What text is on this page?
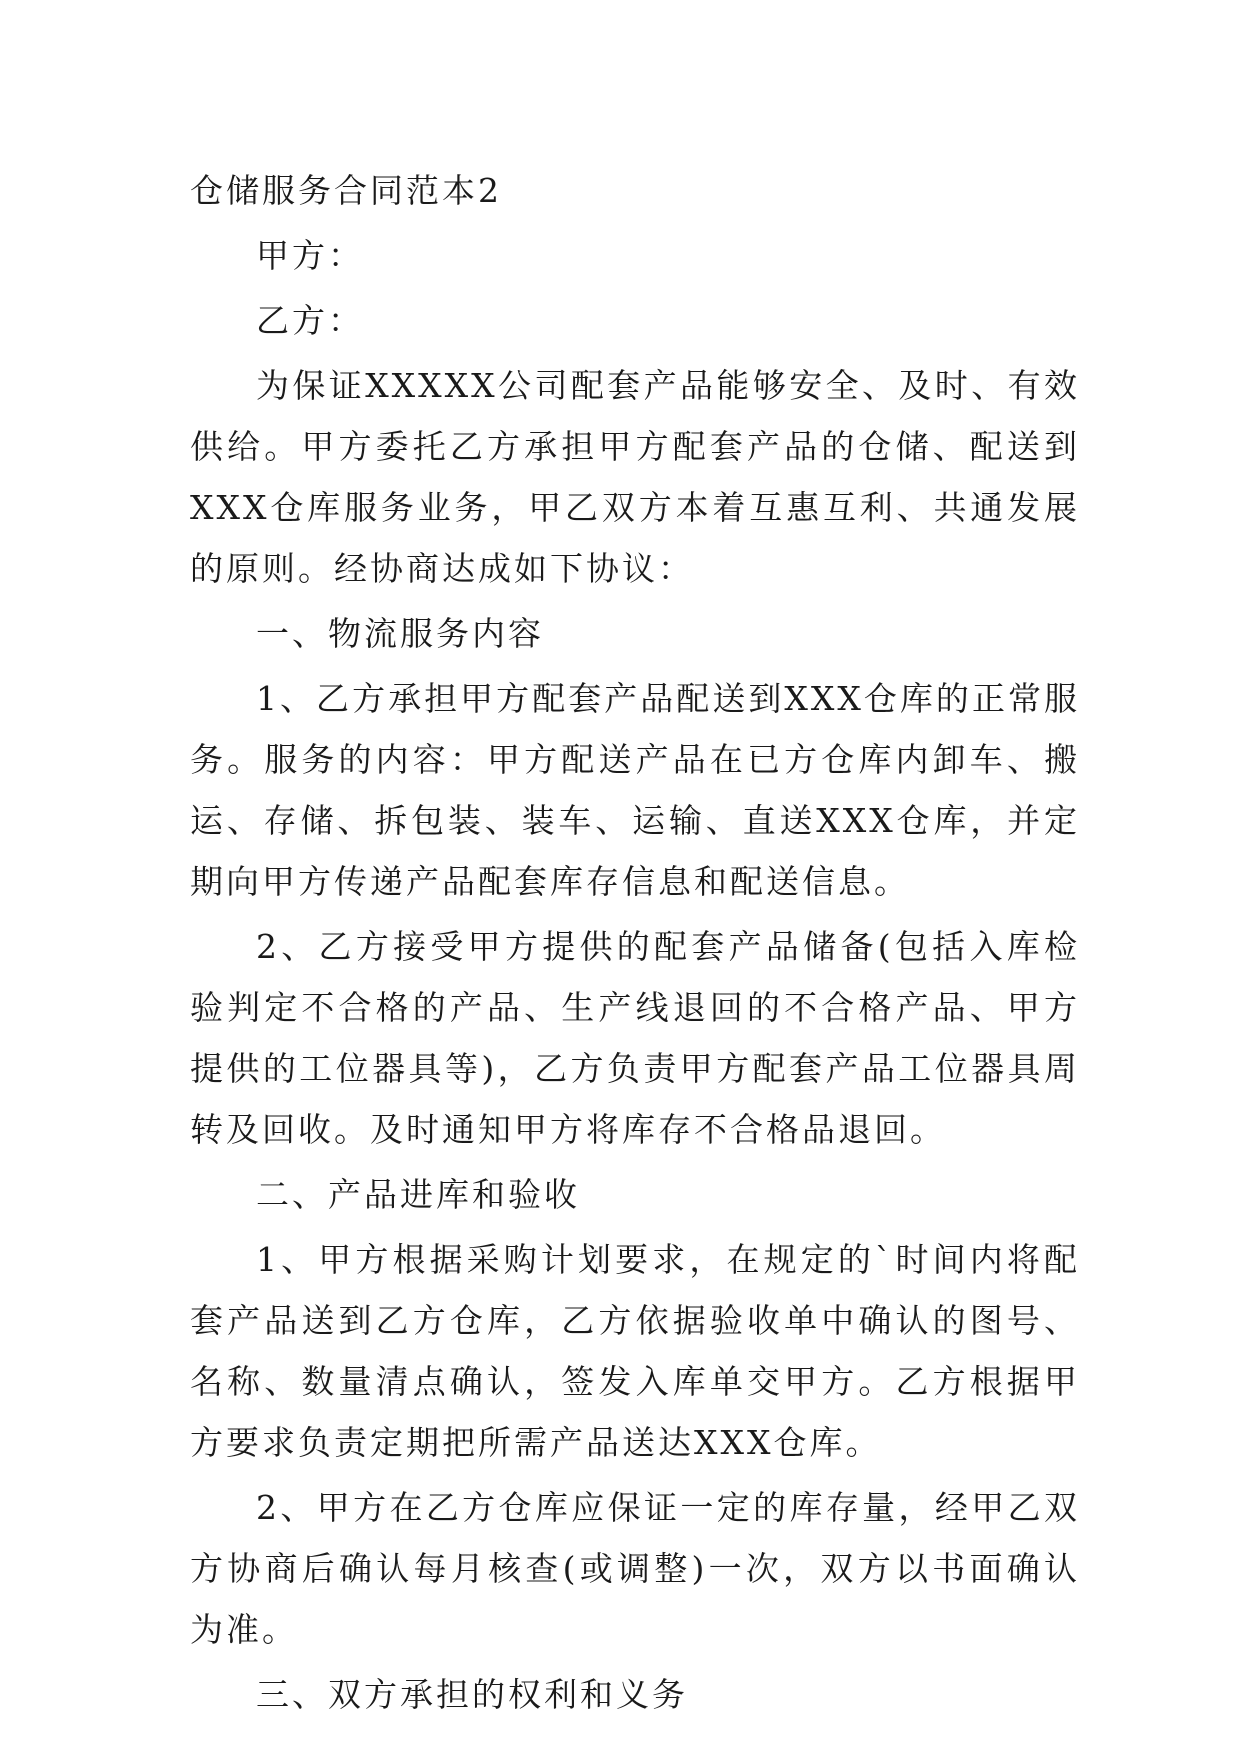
仓储服务合同范本2

甲方：

乙方：

为保证XXXXX公司配套产品能够安全、及时、有效供给。甲方委托乙方承担甲方配套产品的仓储、配送到XXX仓库服务业务，甲乙双方本着互惠互利、共通发展的原则。经协商达成如下协议：

一、物流服务内容

1、乙方承担甲方配套产品配送到XXX仓库的正常服务。服务的内容：甲方配送产品在已方仓库内卸车、搬运、存储、拆包装、装车、运输、直送XXX仓库，并定期向甲方传递产品配套库存信息和配送信息。

2、乙方接受甲方提供的配套产品储备(包括入库检验判定不合格的产品、生产线退回的不合格产品、甲方提供的工位器具等)，乙方负责甲方配套产品工位器具周转及回收。及时通知甲方将库存不合格品退回。

二、产品进库和验收

1、甲方根据采购计划要求，在规定的`时间内将配套产品送到乙方仓库，乙方依据验收单中确认的图号、名称、数量清点确认，签发入库单交甲方。乙方根据甲方要求负责定期把所需产品送达XXX仓库。

2、甲方在乙方仓库应保证一定的库存量，经甲乙双方协商后确认每月核查(或调整)一次，双方以书面确认为准。

三、双方承担的权利和义务
